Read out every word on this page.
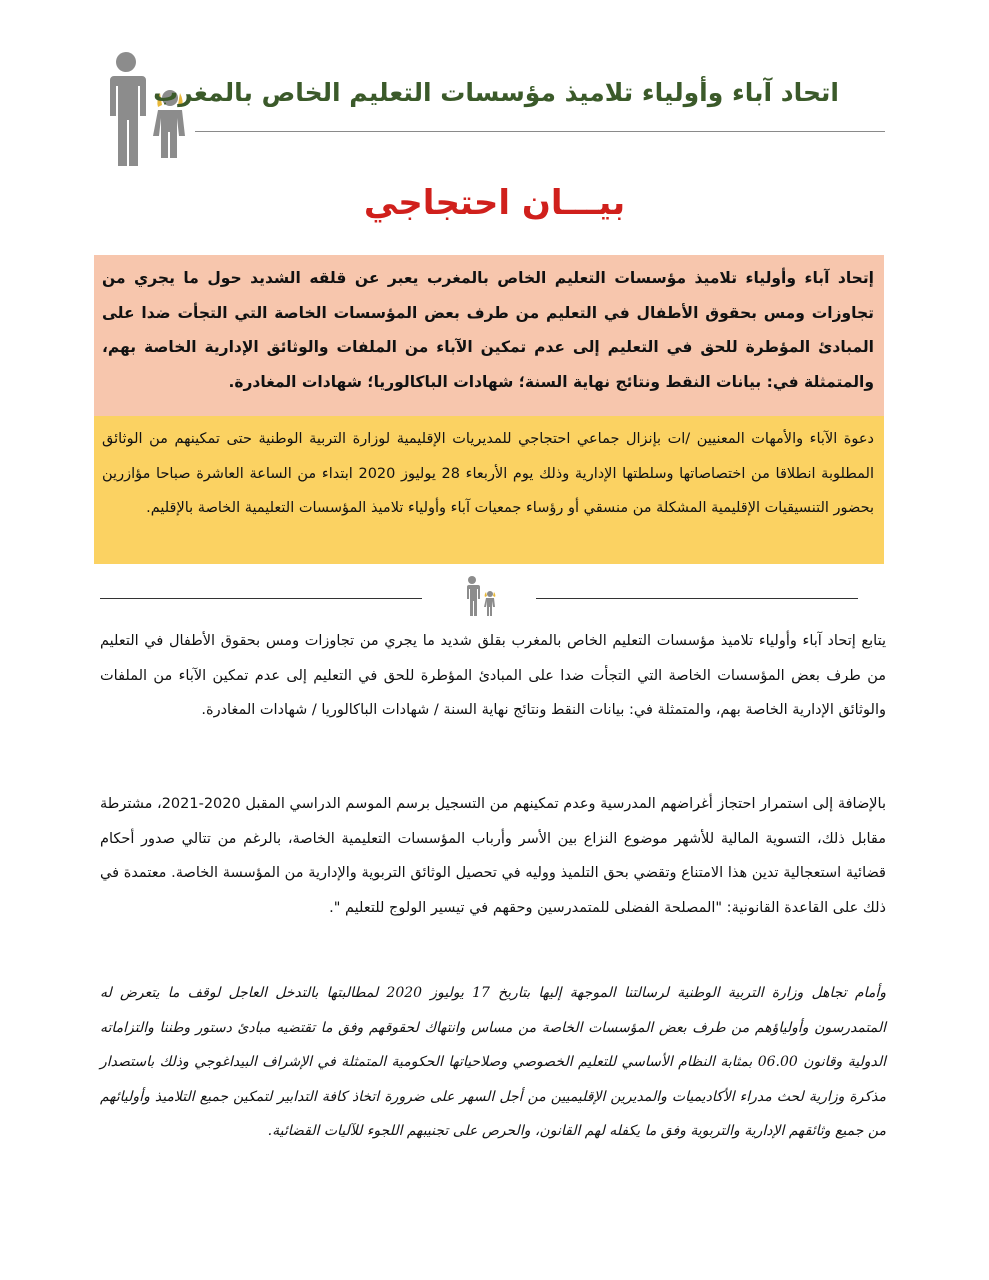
اتحاد آباء وأولياء تلاميذ مؤسسات التعليم الخاص بالمغرب
بيـــان احتجاجي

إتحاد آباء وأولياء تلاميذ مؤسسات التعليم الخاص بالمغرب يعبر عن قلقه الشديد حول ما يجري من تجاوزات ومس بحقوق الأطفال في التعليم من طرف بعض المؤسسات الخاصة التي التجأت ضدا على المبادئ المؤطرة للحق في التعليم إلى عدم تمكين الآباء من الملفات والوثائق الإدارية الخاصة بهم، والمتمثلة في: بيانات النقط ونتائج نهاية السنة؛ شهادات الباكالوريا؛ شهادات المغادرة.

دعوة الآباء والأمهات المعنيين /ات بإنزال جماعي احتجاجي للمديريات الإقليمية لوزارة التربية الوطنية حتى تمكينهم من الوثائق المطلوبة انطلاقا من اختصاصاتها وسلطتها الإدارية وذلك يوم الأربعاء 28 يوليوز 2020 ابتداء من الساعة العاشرة صباحا مؤازرين بحضور التنسيقيات الإقليمية المشكلة من منسقي أو رؤساء جمعيات آباء وأولياء تلاميذ المؤسسات التعليمية الخاصة بالإقليم.

يتابع إتحاد آباء وأولياء تلاميذ مؤسسات التعليم الخاص بالمغرب بقلق شديد ما يجري من تجاوزات ومس بحقوق الأطفال في التعليم من طرف بعض المؤسسات الخاصة التي التجأت ضدا على المبادئ المؤطرة للحق في التعليم إلى عدم تمكين الآباء من الملفات والوثائق الإدارية الخاصة بهم، والمتمثلة في: بيانات النقط ونتائج نهاية السنة / شهادات الباكالوريا / شهادات المغادرة.

بالإضافة إلى استمرار احتجاز أغراضهم المدرسية وعدم تمكينهم من التسجيل برسم الموسم الدراسي المقبل 2020-2021، مشترطة مقابل ذلك، التسوية المالية للأشهر موضوع النزاع بين الأسر وأرباب المؤسسات التعليمية الخاصة، بالرغم من تتالي صدور أحكام قضائية استعجالية تدين هذا الامتناع وتقضي بحق التلميذ ووليه في تحصيل الوثائق التربوية والإدارية من المؤسسة الخاصة. معتمدة في ذلك على القاعدة القانونية: "المصلحة الفضلى للمتمدرسين وحقهم في تيسير الولوج للتعليم ".

وأمام تجاهل وزارة التربية الوطنية لرسالتنا الموجهة إليها بتاريخ 17 يوليوز 2020 لمطالبتها بالتدخل العاجل لوقف ما يتعرض له المتمدرسون وأولياؤهم من طرف بعض المؤسسات الخاصة من مساس وانتهاك لحقوقهم وفق ما تقتضيه مبادئ دستور وطننا والتزاماته الدولية وقانون 06.00 بمثابة النظام الأساسي للتعليم الخصوصي وصلاحياتها الحكومية المتمثلة في الإشراف البيداغوجي وذلك باستصدار مذكرة وزارية لحث مدراء الأكاديميات والمديرين الإقليميين من أجل السهر على ضرورة اتخاذ كافة التدابير لتمكين جميع التلاميذ وأوليائهم من جميع وثائقهم الإدارية والتربوية وفق ما يكفله لهم القانون، والحرص على تجنيبهم اللجوء للآليات القضائية.
